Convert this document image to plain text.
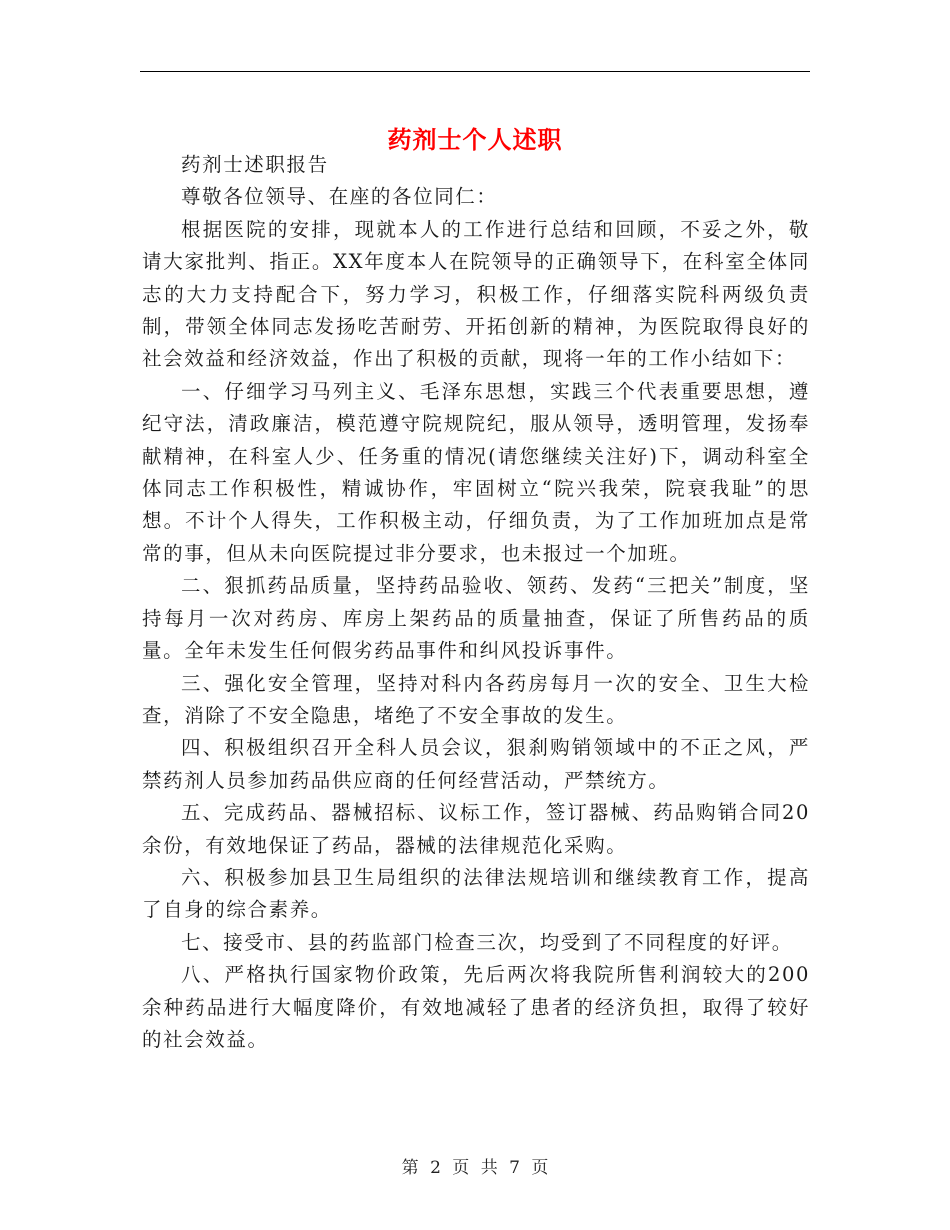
药剂士个人述职

药剂士述职报告

尊敬各位领导、在座的各位同仁：

根据医院的安排，现就本人的工作进行总结和回顾，不妥之外，敬请大家批判、指正。XX年度本人在院领导的正确领导下，在科室全体同志的大力支持配合下，努力学习，积极工作，仔细落实院科两级负责制，带领全体同志发扬吃苦耐劳、开拓创新的精神，为医院取得良好的社会效益和经济效益，作出了积极的贡献，现将一年的工作小结如下：

一、仔细学习马列主义、毛泽东思想，实践三个代表重要思想，遵纪守法，清政廉洁，模范遵守院规院纪，服从领导，透明管理，发扬奉献精神，在科室人少、任务重的情况(请您继续关注好)下，调动科室全体同志工作积极性，精诚协作，牢固树立“院兴我荣，院衰我耻”的思想。不计个人得失，工作积极主动，仔细负责，为了工作加班加点是常常的事，但从未向医院提过非分要求，也未报过一个加班。

二、狠抓药品质量，坚持药品验收、领药、发药“三把关”制度，坚持每月一次对药房、库房上架药品的质量抽查，保证了所售药品的质量。全年未发生任何假劣药品事件和纠风投诉事件。

三、强化安全管理，坚持对科内各药房每月一次的安全、卫生大检查，消除了不安全隐患，堵绝了不安全事故的发生。

四、积极组织召开全科人员会议，狠刹购销领域中的不正之风，严禁药剂人员参加药品供应商的任何经营活动，严禁统方。

五、完成药品、器械招标、议标工作，签订器械、药品购销合同20余份，有效地保证了药品，器械的法律规范化采购。

六、积极参加县卫生局组织的法律法规培训和继续教育工作，提高了自身的综合素养。

七、接受市、县的药监部门检查三次，均受到了不同程度的好评。

八、严格执行国家物价政策，先后两次将我院所售利润较大的200余种药品进行大幅度降价，有效地减轻了患者的经济负担，取得了较好的社会效益。

第 2 页 共 7 页
